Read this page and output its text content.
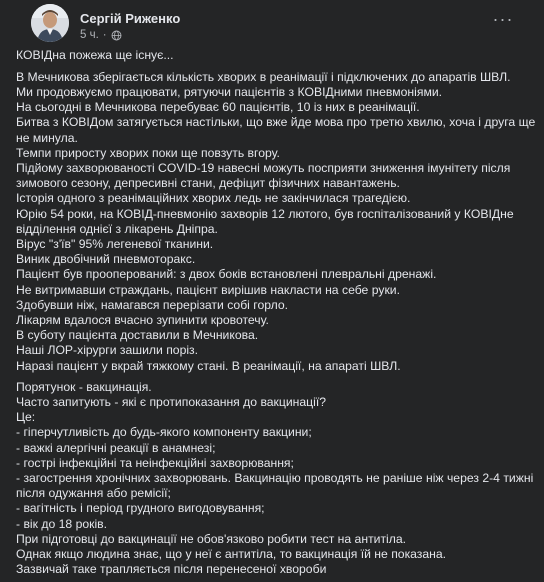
Сергій Риженко
5 ч. ·
···

КОВІДна пожежа ще існує...

В Мечникова зберігається кількість хворих в реанімації і підключених до апаратів ШВЛ.

Ми продовжуємо працювати, рятуючи пацієнтів з КОВІДними пневмоніями.

На сьогодні в Мечникова перебуває 60 пацієнтів, 10 із них в реанімації.

Битва з КОВІДом затягується настільки, що вже йде мова про третю хвилю, хоча і друга ще

не минула.

Темпи приросту хворих поки ще повзуть вгору.

Підйому захворюваності COVID-19 навесні можуть посприяти зниження імунітету після

зимового сезону, депресивні стани, дефіцит фізичних навантажень.

Історія одного з реанімаційних хворих ледь не закінчилася трагедією.

Юрію 54 роки, на КОВІД-пневмонію захворів 12 лютого, був госпіталізований у КОВІДне

відділення однієї з лікарень Дніпра.

Вірус "з'їв" 95% легеневої тканини.

Виник двобічний пневмоторакс.

Пацієнт був прооперований: з двох боків встановлені плевральні дренажі.

Не витримавши страждань, пацієнт вирішив накласти на себе руки.

Здобувши ніж, намагався перерізати собі горло.

Лікарям вдалося вчасно зупинити кровотечу.

В суботу пацієнта доставили в Мечникова.

Наші ЛОР-хірурги зашили поріз.

Наразі пацієнт у вкрай тяжкому стані. В реанімації, на апараті ШВЛ.

Порятунок - вакцинація.

Часто запитують - які є протипоказання до вакцинації?

Це:

- гіперчутливість до будь-якого компоненту вакцини;

- важкі алергічні реакції в анамнезі;

- гострі інфекційні та неінфекційні захворювання;

- загострення хронічних захворювань. Вакцинацію проводять не раніше ніж через 2-4 тижні

після одужання або ремісії;

- вагітність і період грудного вигодовування;

- вік до 18 років.

При підготовці до вакцинації не обов'язково робити тест на антитіла.

Однак якщо людина знає, що у неї є антитіла, то вакцинація їй не показана.

Зазвичай таке трапляється після перенесеної хвороби
